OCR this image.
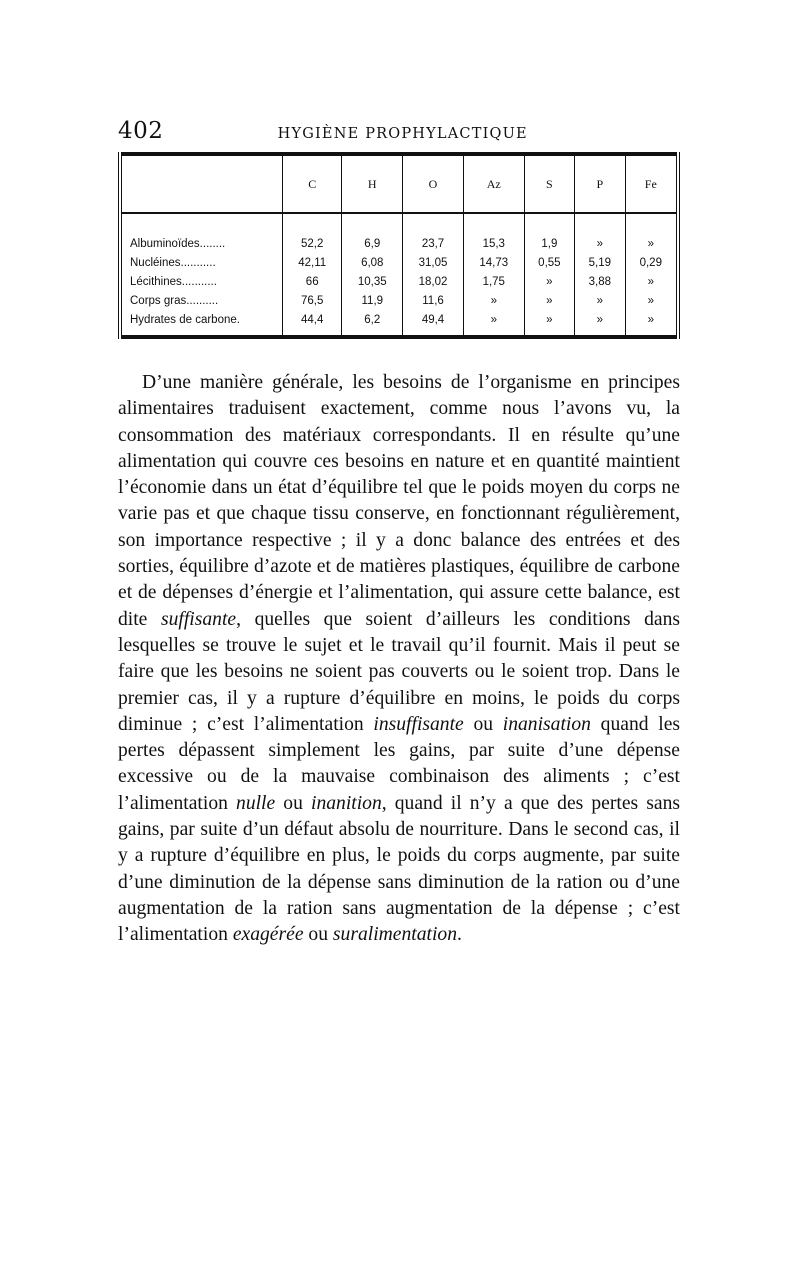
402	HYGIÈNE PROPHYLACTIQUE
	C	H	O	Az	S	P	Fe
Albuminoïdes........	52,2	6,9	23,7	15,3	1,9	»	»
Nucléines...........	42,11	6,08	31,05	14,73	0,55	5,19	0,29
Lécithines...........	66	10,35	18,02	1,75	»	3,88	»
Corps gras..........	76,5	11,9	11,6	»	»	»	»
Hydrates de carbone.	44,4	6,2	49,4	»	»	»	»

D’une manière générale, les besoins de l’organisme en principes alimentaires traduisent exactement, comme nous l’avons vu, la consommation des matériaux correspondants. Il en résulte qu’une alimentation qui couvre ces besoins en nature et en quantité maintient l’économie dans un état d’équilibre tel que le poids moyen du corps ne varie pas et que chaque tissu conserve, en fonctionnant régulièrement, son importance respective ; il y a donc balance des entrées et des sorties, équilibre d’azote et de matières plastiques, équilibre de carbone et de dépenses d’énergie et l’alimentation, qui assure cette balance, est dite suffisante, quelles que soient d’ailleurs les conditions dans lesquelles se trouve le sujet et le travail qu’il fournit. Mais il peut se faire que les besoins ne soient pas couverts ou le soient trop. Dans le premier cas, il y a rupture d’équilibre en moins, le poids du corps diminue ; c’est l’alimentation insuffisante ou inanisation quand les pertes dépassent simplement les gains, par suite d’une dépense excessive ou de la mauvaise combinaison des aliments ; c’est l’alimentation nulle ou inanition, quand il n’y a que des pertes sans gains, par suite d’un défaut absolu de nourriture. Dans le second cas, il y a rupture d’équilibre en plus, le poids du corps augmente, par suite d’une diminution de la dépense sans diminution de la ration ou d’une augmentation de la ration sans augmentation de la dépense ; c’est l’alimentation exagérée ou suralimentation.
